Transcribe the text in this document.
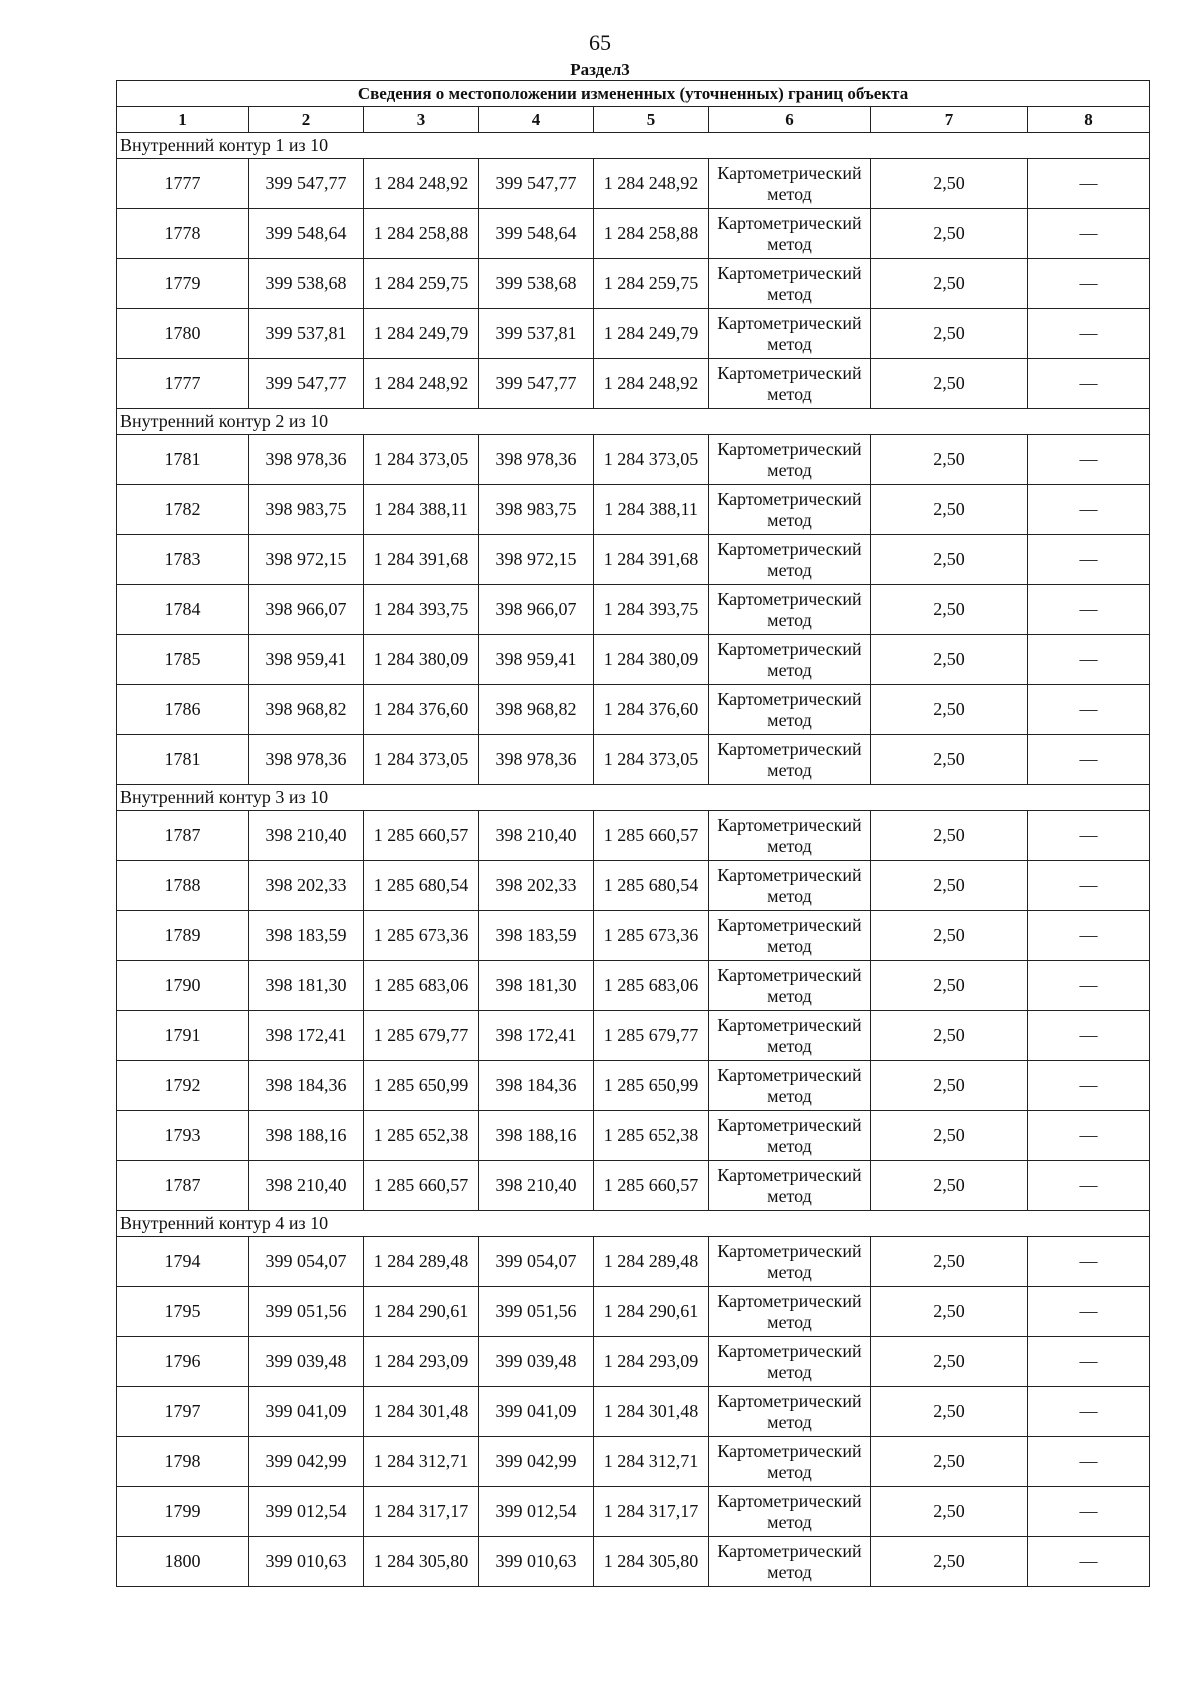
65
Раздел3
Сведения о местоположении измененных (уточненных) границ объекта							
1	2	3	4	5	6	7	8
Внутренний контур 1 из 10							
1777	399 547,77	1 284 248,92	399 547,77	1 284 248,92	Картометрический метод	2,50	—
1778	399 548,64	1 284 258,88	399 548,64	1 284 258,88	Картометрический метод	2,50	—
1779	399 538,68	1 284 259,75	399 538,68	1 284 259,75	Картометрический метод	2,50	—
1780	399 537,81	1 284 249,79	399 537,81	1 284 249,79	Картометрический метод	2,50	—
1777	399 547,77	1 284 248,92	399 547,77	1 284 248,92	Картометрический метод	2,50	—
Внутренний контур 2 из 10							
1781	398 978,36	1 284 373,05	398 978,36	1 284 373,05	Картометрический метод	2,50	—
1782	398 983,75	1 284 388,11	398 983,75	1 284 388,11	Картометрический метод	2,50	—
1783	398 972,15	1 284 391,68	398 972,15	1 284 391,68	Картометрический метод	2,50	—
1784	398 966,07	1 284 393,75	398 966,07	1 284 393,75	Картометрический метод	2,50	—
1785	398 959,41	1 284 380,09	398 959,41	1 284 380,09	Картометрический метод	2,50	—
1786	398 968,82	1 284 376,60	398 968,82	1 284 376,60	Картометрический метод	2,50	—
1781	398 978,36	1 284 373,05	398 978,36	1 284 373,05	Картометрический метод	2,50	—
Внутренний контур 3 из 10							
1787	398 210,40	1 285 660,57	398 210,40	1 285 660,57	Картометрический метод	2,50	—
1788	398 202,33	1 285 680,54	398 202,33	1 285 680,54	Картометрический метод	2,50	—
1789	398 183,59	1 285 673,36	398 183,59	1 285 673,36	Картометрический метод	2,50	—
1790	398 181,30	1 285 683,06	398 181,30	1 285 683,06	Картометрический метод	2,50	—
1791	398 172,41	1 285 679,77	398 172,41	1 285 679,77	Картометрический метод	2,50	—
1792	398 184,36	1 285 650,99	398 184,36	1 285 650,99	Картометрический метод	2,50	—
1793	398 188,16	1 285 652,38	398 188,16	1 285 652,38	Картометрический метод	2,50	—
1787	398 210,40	1 285 660,57	398 210,40	1 285 660,57	Картометрический метод	2,50	—
Внутренний контур 4 из 10							
1794	399 054,07	1 284 289,48	399 054,07	1 284 289,48	Картометрический метод	2,50	—
1795	399 051,56	1 284 290,61	399 051,56	1 284 290,61	Картометрический метод	2,50	—
1796	399 039,48	1 284 293,09	399 039,48	1 284 293,09	Картометрический метод	2,50	—
1797	399 041,09	1 284 301,48	399 041,09	1 284 301,48	Картометрический метод	2,50	—
1798	399 042,99	1 284 312,71	399 042,99	1 284 312,71	Картометрический метод	2,50	—
1799	399 012,54	1 284 317,17	399 012,54	1 284 317,17	Картометрический метод	2,50	—
1800	399 010,63	1 284 305,80	399 010,63	1 284 305,80	Картометрический метод	2,50	—
